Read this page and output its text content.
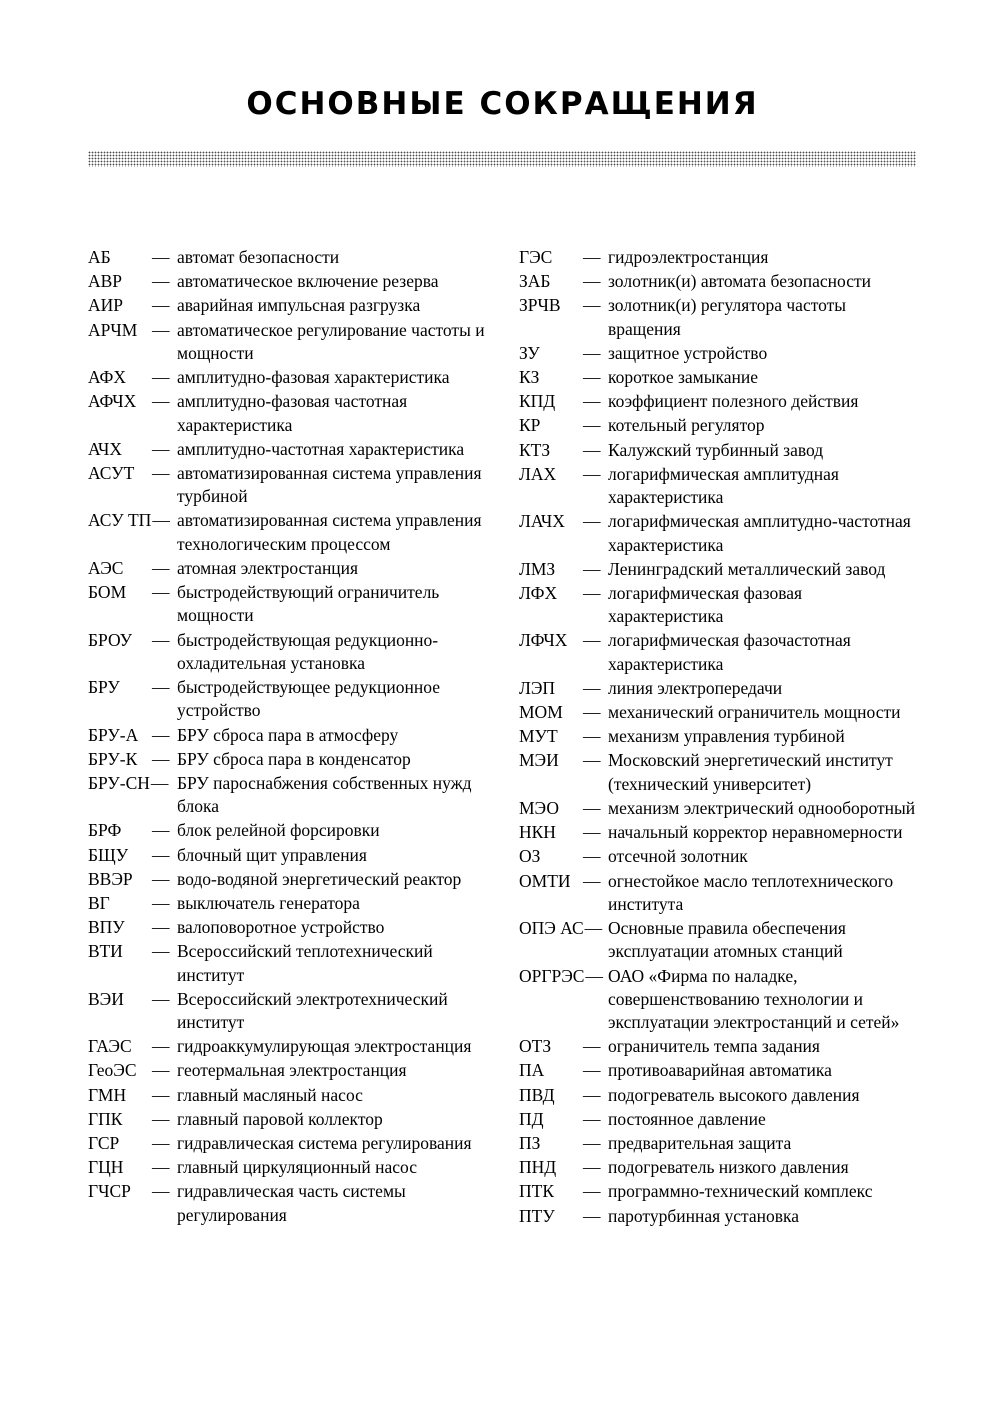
ОСНОВНЫЕ СОКРАЩЕНИЯ
АБ — автомат безопасности
АВР — автоматическое включение резерва
АИР — аварийная импульсная разгрузка
АРЧМ — автоматическое регулирование частоты и мощности
АФХ — амплитудно-фазовая характеристика
АФЧХ — амплитудно-фазовая частотная характеристика
АЧХ — амплитудно-частотная характеристика
АСУТ — автоматизированная система управления турбиной
АСУ ТП — автоматизированная система управления технологическим процессом
АЭС — атомная электростанция
БОМ — быстродействующий ограничитель мощности
БРОУ — быстродействующая редукционно-охладительная установка
БРУ — быстродействующее редукционное устройство
БРУ-А — БРУ сброса пара в атмосферу
БРУ-К — БРУ сброса пара в конденсатор
БРУ-СН — БРУ пароснабжения собственных нужд блока
БРФ — блок релейной форсировки
БЩУ — блочный щит управления
ВВЭР — водо-водяной энергетический реактор
ВГ — выключатель генератора
ВПУ — валоповоротное устройство
ВТИ — Всероссийский теплотехнический институт
ВЭИ — Всероссийский электротехнический институт
ГАЭС — гидроаккумулирующая электростанция
ГеоЭС — геотермальная электростанция
ГМН — главный масляный насос
ГПК — главный паровой коллектор
ГСР — гидравлическая система регулирования
ГЦН — главный циркуляционный насос
ГЧСР — гидравлическая часть системы регулирования
ГЭС — гидроэлектростанция
ЗАБ — золотник(и) автомата безопасности
ЗРЧВ — золотник(и) регулятора частоты вращения
ЗУ — защитное устройство
КЗ — короткое замыкание
КПД — коэффициент полезного действия
КР — котельный регулятор
КТЗ — Калужский турбинный завод
ЛАХ — логарифмическая амплитудная характеристика
ЛАЧХ — логарифмическая амплитудно-частотная характеристика
ЛМЗ — Ленинградский металлический завод
ЛФХ — логарифмическая фазовая характеристика
ЛФЧХ — логарифмическая фазочастотная характеристика
ЛЭП — линия электропередачи
МОМ — механический ограничитель мощности
МУТ — механизм управления турбиной
МЭИ — Московский энергетический институт (технический университет)
МЭО — механизм электрический однооборотный
НКН — начальный корректор неравномерности
ОЗ — отсечной золотник
ОМТИ — огнестойкое масло теплотехнического института
ОПЭ АС — Основные правила обеспечения эксплуатации атомных станций
ОРГРЭС — ОАО «Фирма по наладке, совершенствованию технологии и эксплуатации электростанций и сетей»
ОТЗ — ограничитель темпа задания
ПА — противоаварийная автоматика
ПВД — подогреватель высокого давления
ПД — постоянное давление
ПЗ — предварительная защита
ПНД — подогреватель низкого давления
ПТК — программно-технический комплекс
ПТУ — паротурбинная установка
